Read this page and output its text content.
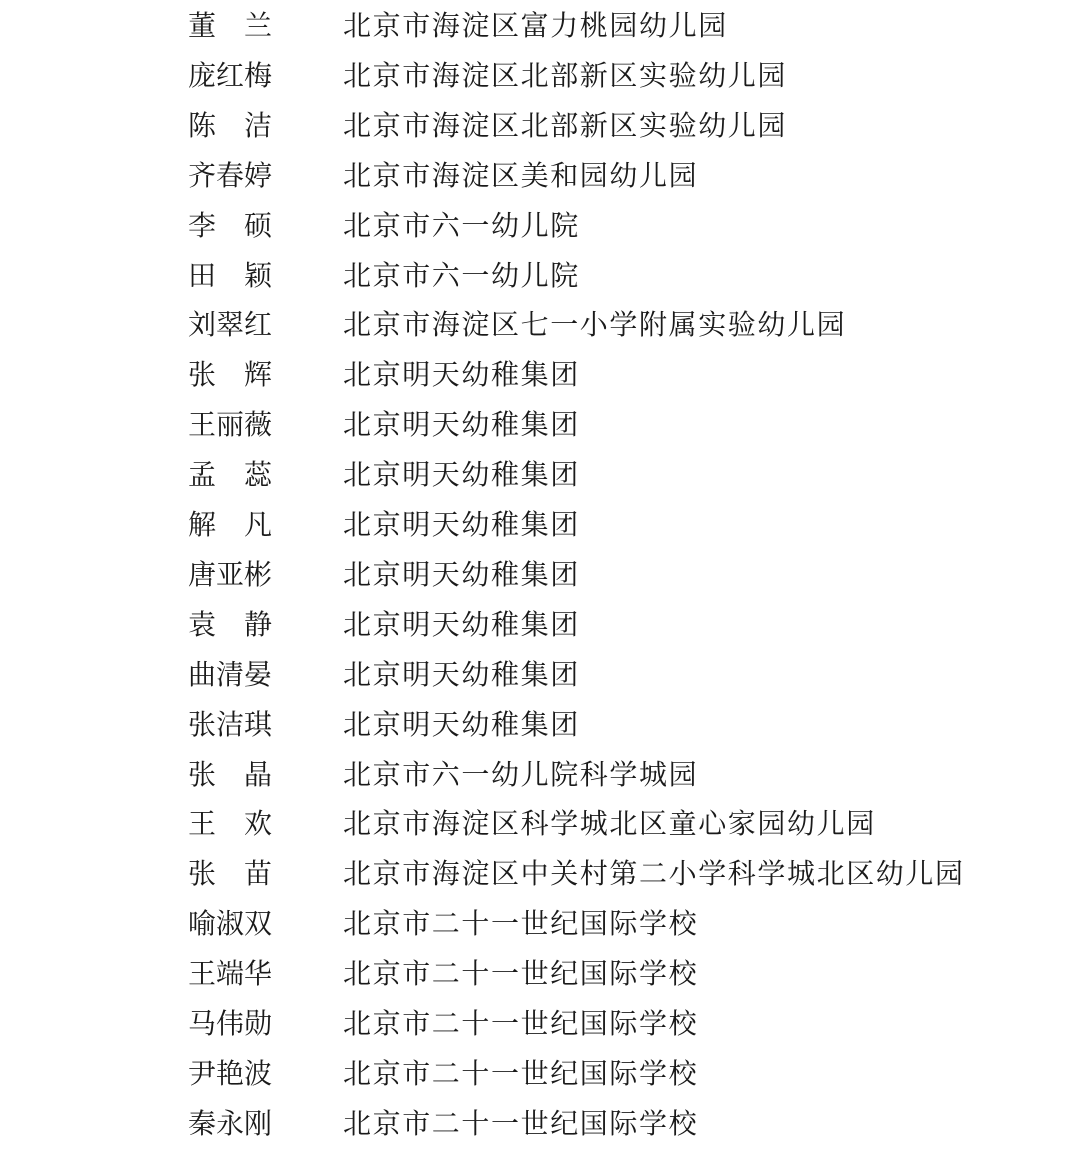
董兰 北京市海淀区富力桃园幼儿园
庞红梅	北京市海淀区北部新区实验幼儿园
陈洁 北京市海淀区北部新区实验幼儿园
齐春婷	北京市海淀区美和园幼儿园
李硕 北京市六一幼儿院
田颖 北京市六一幼儿院
刘翠红	北京市海淀区七一小学附属实验幼儿园
张辉 北京明天幼稚集团
王丽薇	北京明天幼稚集团
孟蕊 北京明天幼稚集团
解凡 北京明天幼稚集团
唐亚彬	北京明天幼稚集团
袁静 北京明天幼稚集团
曲清晏	北京明天幼稚集团
张洁琪	北京明天幼稚集团
张晶 北京市六一幼儿院科学城园
王欢 北京市海淀区科学城北区童心家园幼儿园
张苗 北京市海淀区中关村第二小学科学城北区幼儿园
喻淑双	北京市二十一世纪国际学校
王端华	北京市二十一世纪国际学校
马伟勋	北京市二十一世纪国际学校
尹艳波	北京市二十一世纪国际学校
秦永刚	北京市二十一世纪国际学校
